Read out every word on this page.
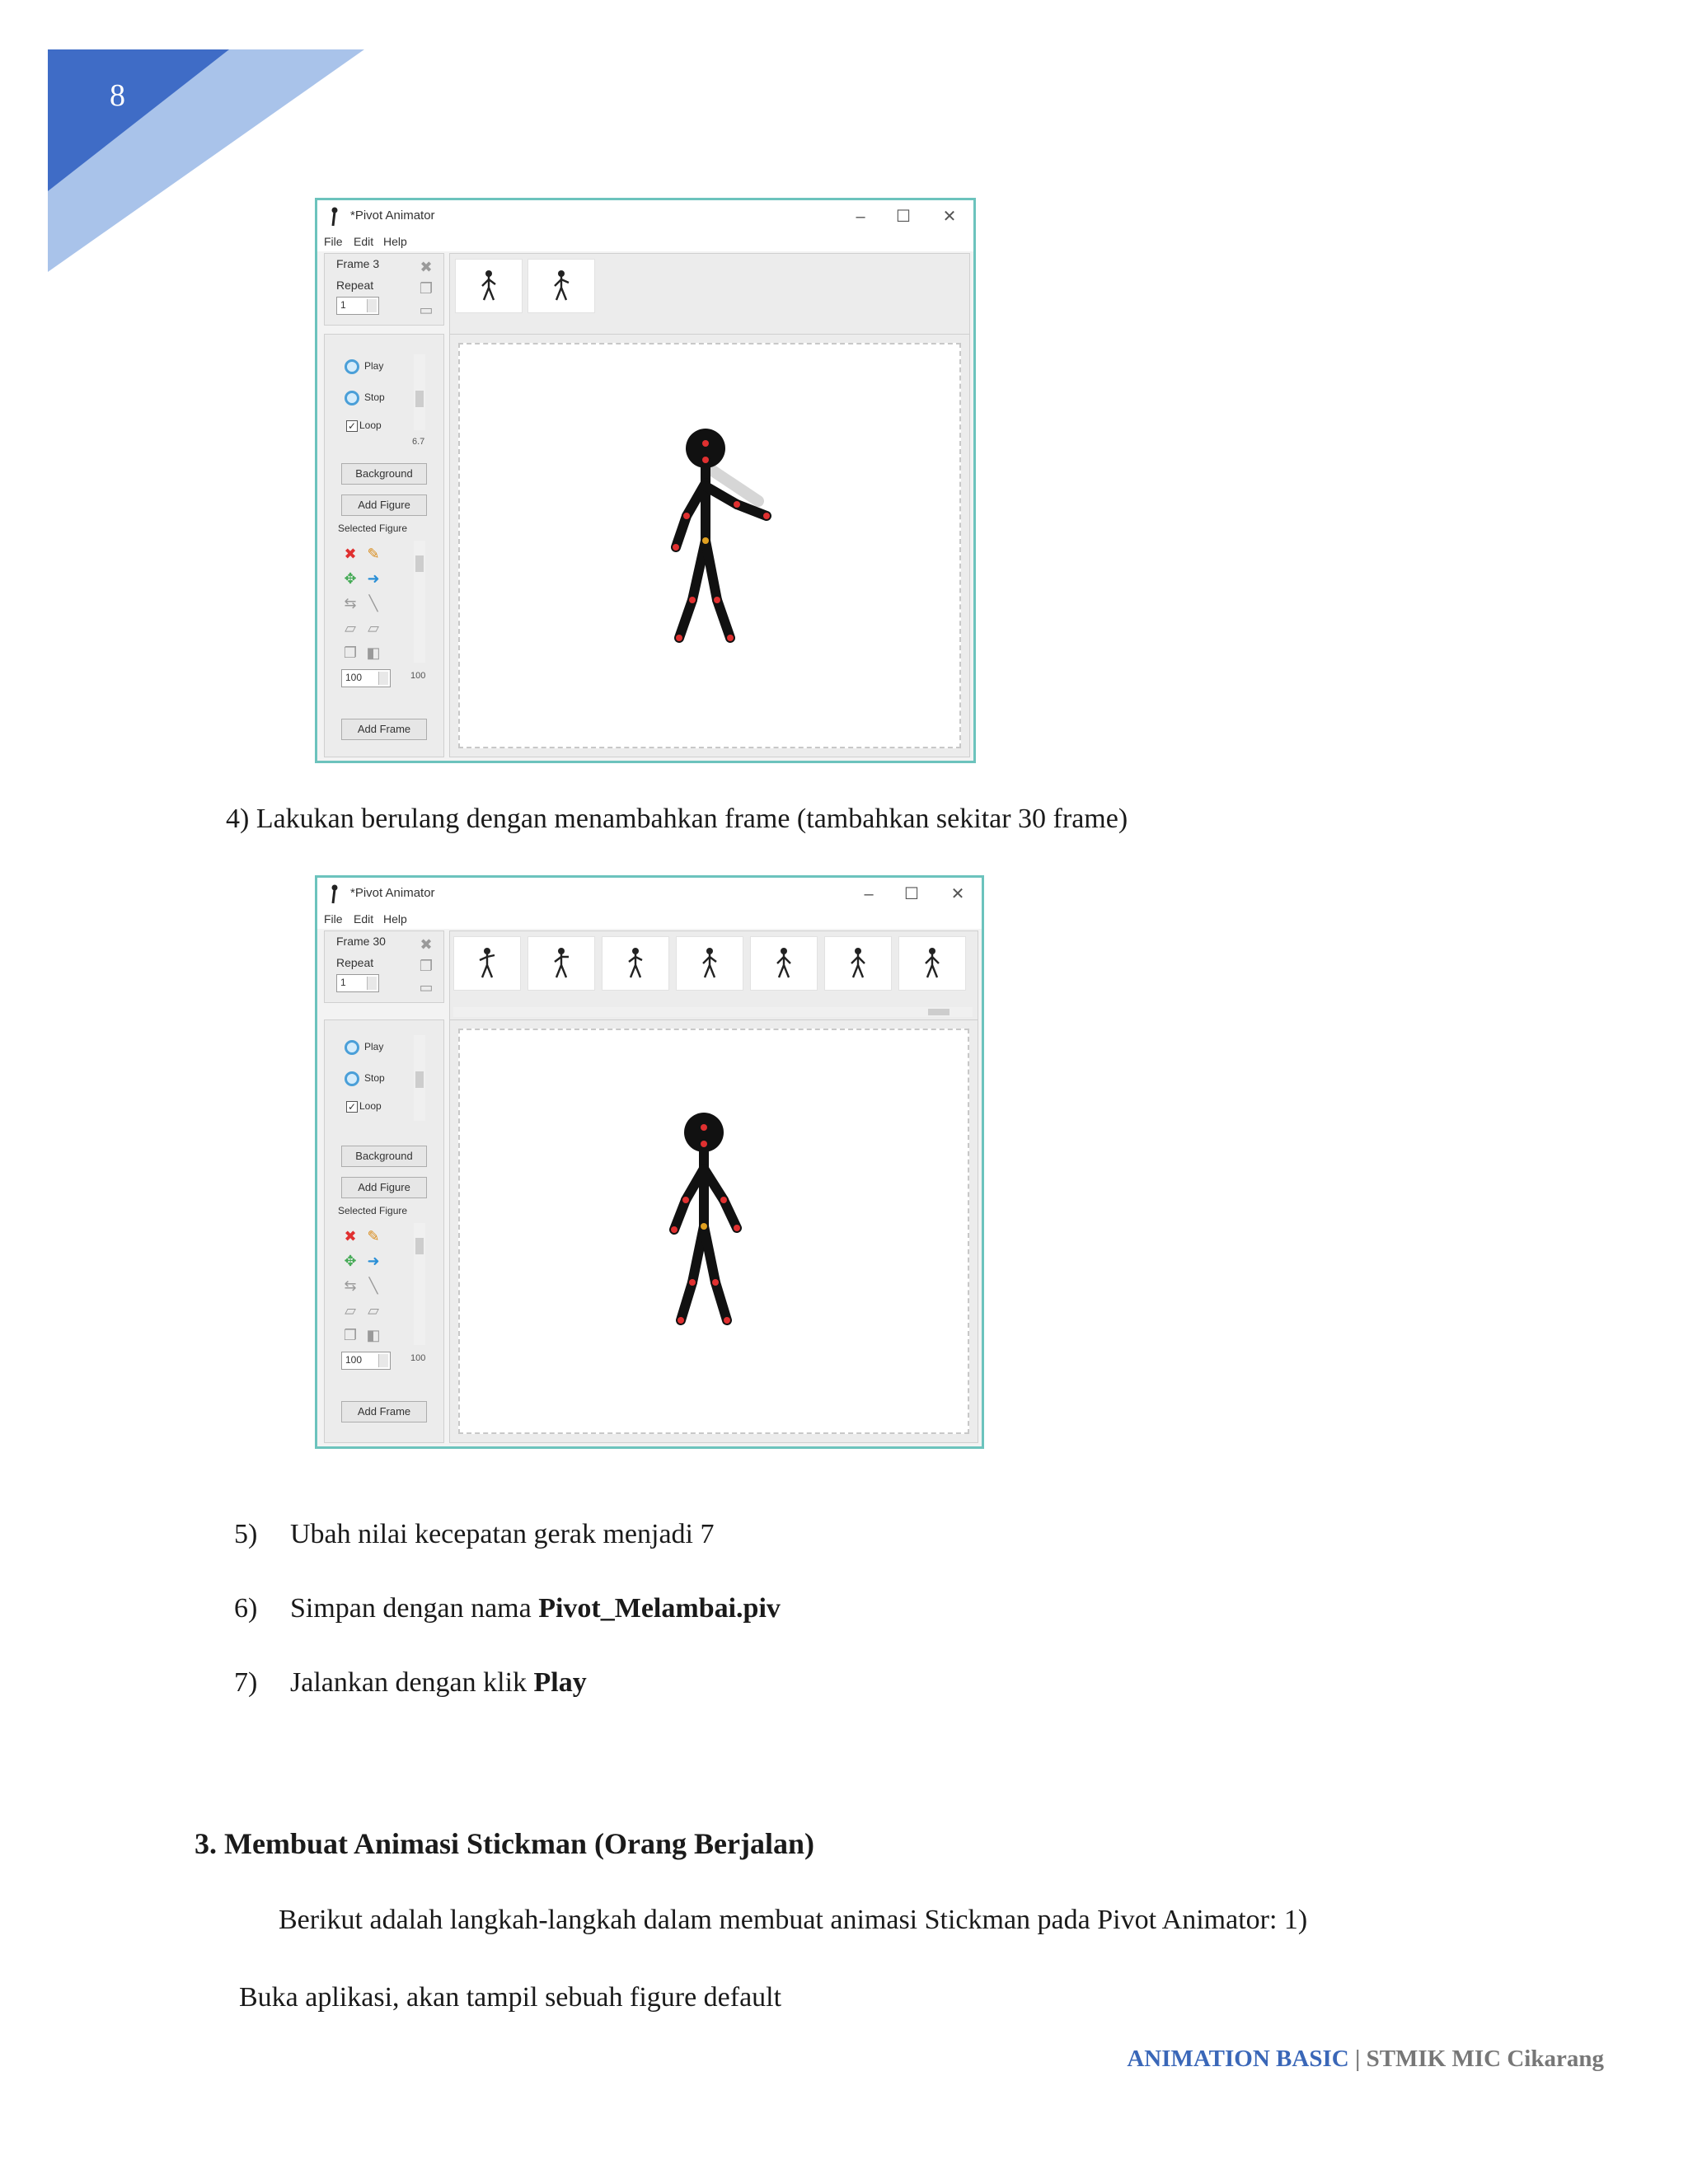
8
*Pivot Animator	–	☐	✕
File Edit Help
Frame 3
Repeat
1
✖
❐
▭
Play
Stop
✓ Loop
6.7
Background
Add Figure
Selected Figure
✖ ✎
✥ ➜
⇆ ╲
▱ ▱
❐ ◧
100	100
Add Frame
4) Lakukan berulang dengan menambahkan frame (tambahkan sekitar 30 frame)
*Pivot Animator	–	☐	✕
File Edit Help
Frame 30
Repeat
1
✖
❐
▭
Play
Stop
✓ Loop
Background
Add Figure
Selected Figure
✖ ✎
✥ ➜
⇆ ╲
▱ ▱
❐ ◧
100	100
Add Frame
5) Ubah nilai kecepatan gerak menjadi 7
6) Simpan dengan nama Pivot_Melambai.piv
7) Jalankan dengan klik Play
3. Membuat Animasi Stickman (Orang Berjalan)
Berikut adalah langkah-langkah dalam membuat animasi Stickman pada Pivot Animator: 1)
Buka aplikasi, akan tampil sebuah figure default
ANIMATION BASIC | STMIK MIC Cikarang
